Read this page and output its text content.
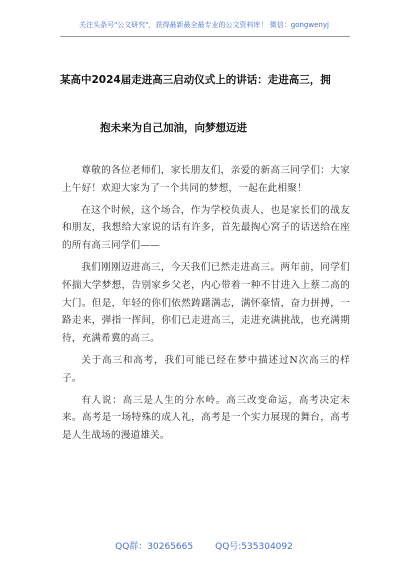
关注头条号"公文研究"，获得最新最全最专业的公文资料库！ 微信：gongwenyj
某高中2024届走进高三启动仪式上的讲话：走进高三，拥
抱未来为自己加油，向梦想迈进

尊敬的各位老师们，家长朋友们，亲爱的新高三同学们：大家上午好！欢迎大家为了一个共同的梦想，一起在此相聚！

在这个时候，这个场合，作为学校负责人，也是家长们的战友和朋友，我想给大家说的话有许多，首先最掏心窝子的话送给在座的所有高三同学们——

我们刚刚迈进高三，今天我们已然走进高三。两年前，同学们怀揣大学梦想，告别家乡父老，内心带着一种不甘进入上蔡二高的大门。但是，年轻的你们依然踌躇满志，满怀豪情，奋力拼搏，一路走来，弹指一挥间，你们已走进高三，走进充满挑战，也充满期待，充满希冀的高三。

关于高三和高考，我们可能已经在梦中描述过N次高三的样子。

有人说：高三是人生的分水岭。高三改变命运，高考决定未来。高考是一场特殊的成人礼，高考是一个实力展现的舞台，高考是人生战场的漫道雄关。

QQ群：30265665 QQ号:535304092
